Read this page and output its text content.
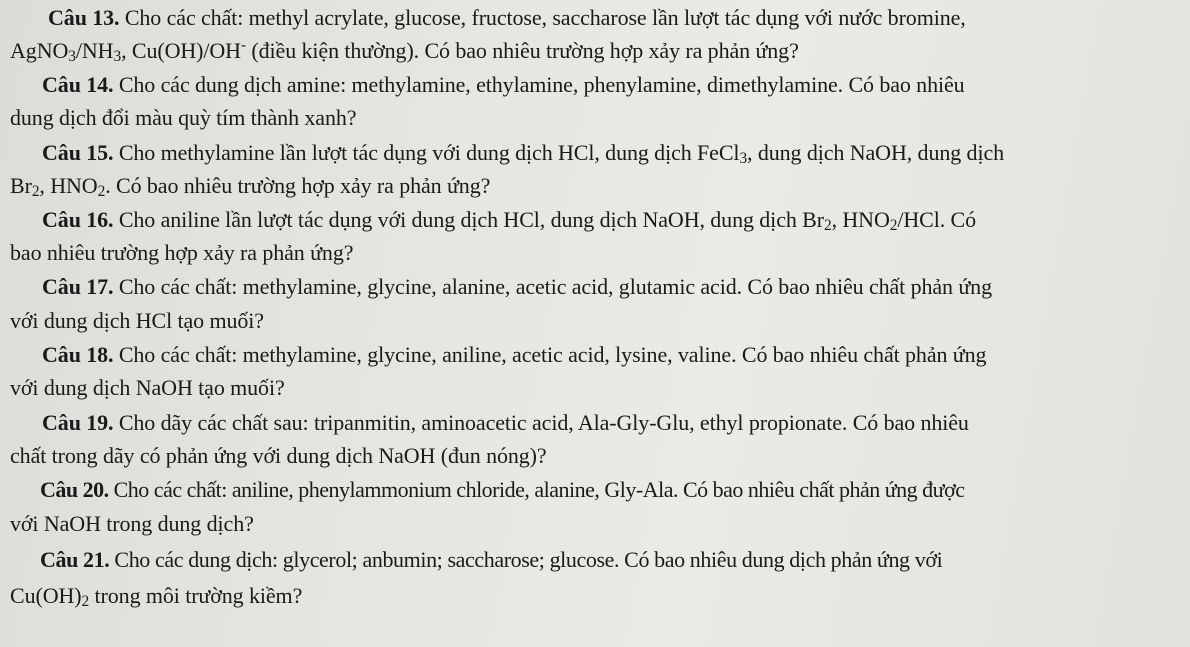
Câu 13. Cho các chất: methyl acrylate, glucose, fructose, saccharose lần lượt tác dụng với nước bromine,
$AgNO_3/NH_3$, Cu(OH)/OH- (điều kiện thường). Có bao nhiêu trường hợp xảy ra phản ứng?
Câu 14. Cho các dung dịch amine: methylamine, ethylamine, phenylamine, dimethylamine. Có bao nhiêu
dung dịch đổi màu quỳ tím thành xanh?
Câu 15. Cho methylamine lần lượt tác dụng với dung dịch HCl, dung dịch FeCl$_3$, dung dịch NaOH, dung dịch
$Br_2$, $HNO_2$. Có bao nhiêu trường hợp xảy ra phản ứng?
Câu 16. Cho aniline lần lượt tác dụng với dung dịch HCl, dung dịch NaOH, dung dịch $Br_2$, $HNO_2$/HCl. Có
bao nhiêu trường hợp xảy ra phản ứng?
Câu 17. Cho các chất: methylamine, glycine, alanine, acetic acid, glutamic acid. Có bao nhiêu chất phản ứng
với dung dịch HCl tạo muối?
Câu 18. Cho các chất: methylamine, glycine, aniline, acetic acid, lysine, valine. Có bao nhiêu chất phản ứng
với dung dịch NaOH tạo muối?
Câu 19. Cho dãy các chất sau: tripanmitin, aminoacetic acid, Ala-Gly-Glu, ethyl propionate. Có bao nhiêu
chất trong dãy có phản ứng với dung dịch NaOH (đun nóng)?
Câu 20. Cho các chất: aniline, phenylammonium chloride, alanine, Gly-Ala. Có bao nhiêu chất phản ứng được
với NaOH trong dung dịch?
Câu 21. Cho các dung dịch: glycerol; anbumin; saccharose; glucose. Có bao nhiêu dung dịch phản ứng với
$Cu(OH)_2$ trong môi trường kiềm?
